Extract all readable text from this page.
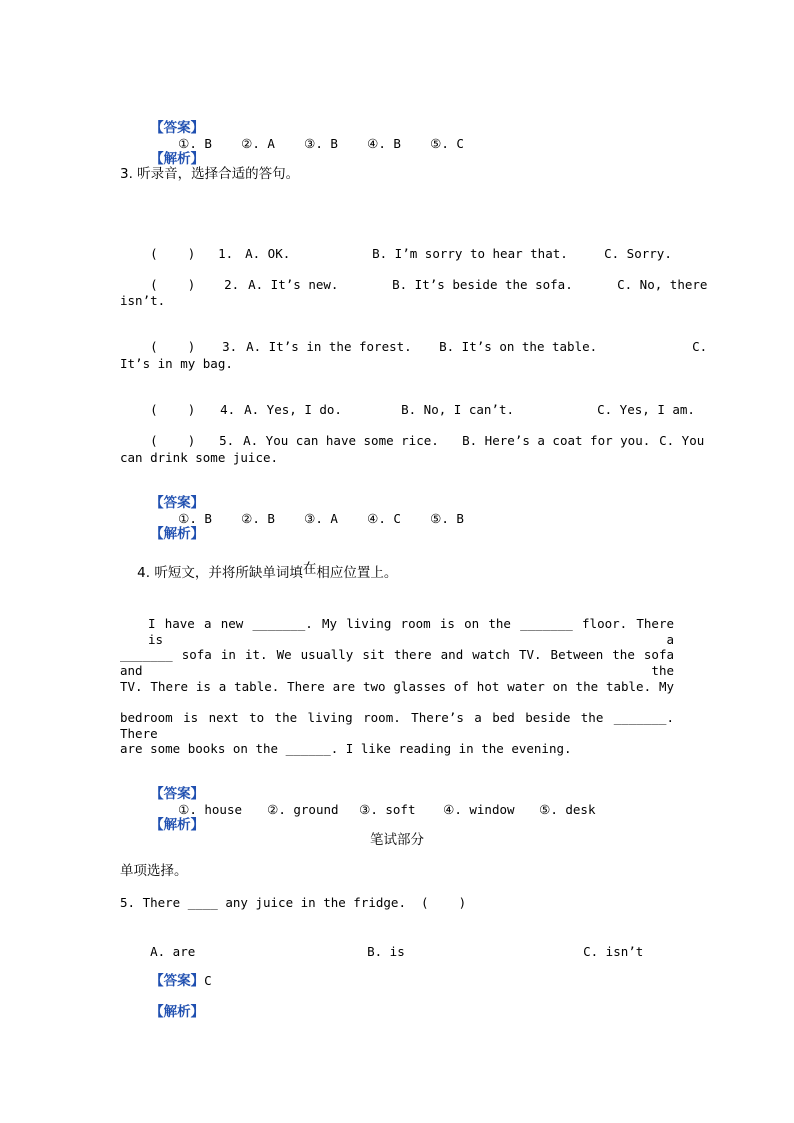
【答案】
①. B ②. A ③. B ④. B ⑤. C

【解析】

3. 听录音，选择合适的答句。

(    ) 1. A. OK.	B. I’m sorry to hear that.	C. Sorry.

(    ) 2. A. It’s new.	B. It’s beside the sofa.	C. No, there

isn’t.

(    ) 3. A. It’s in the forest. B. It’s on the table.	C.

It’s in my bag.

(    ) 4. A. Yes, I do.	B. No, I can’t.	C. Yes, I am.

(    ) 5. A. You can have some rice. B. Here’s a coat for you. C. You

can drink some juice.

【答案】
①. B ②. B ③. A ④. C ⑤. B

【解析】

4. 听短文，并将所缺单词填在相应位置上。

I have a new _______. My living room is on the _______ floor. There is a
_______ sofa in it. We usually sit there and watch TV. Between the sofa and the
TV. There is a table. There are two glasses of hot water on the table. My
bedroom is next to the living room. There’s a bed beside the _______. There
are some books on the ______. I like reading in the evening.

【答案】
①. house ②. ground ③. soft ④. window ⑤. desk

【解析】

笔试部分
单项选择。
5. There ____ any juice in the fridge.  (    )

A. are	B. is	C. isn’t

【答案】C

【解析】
